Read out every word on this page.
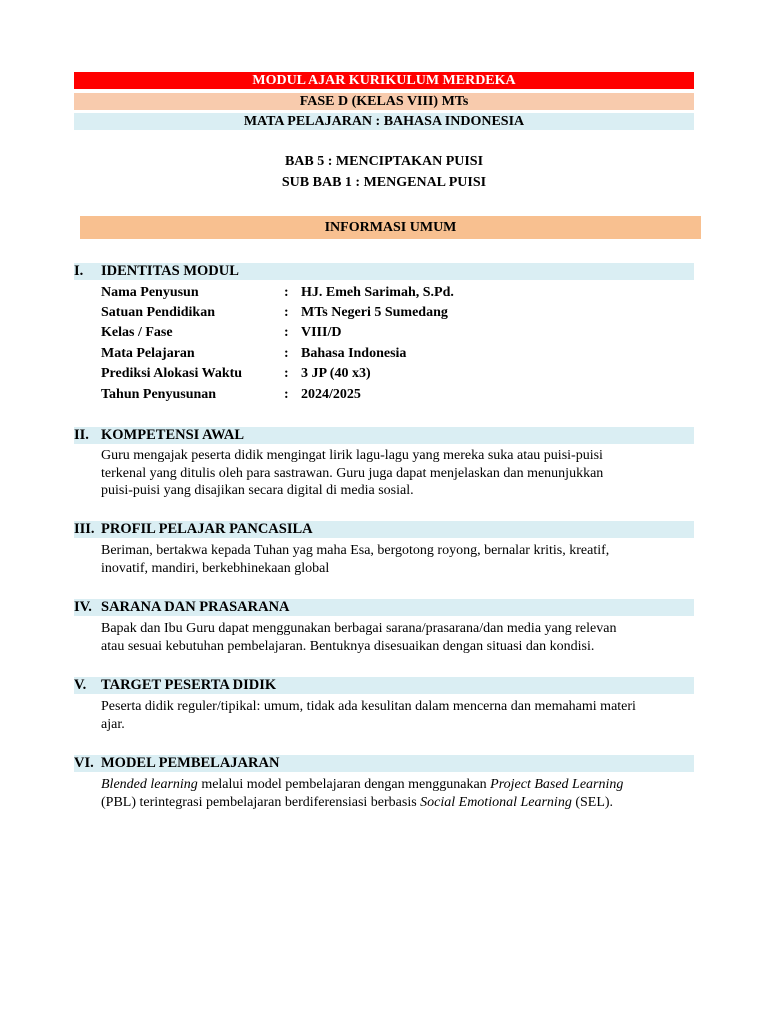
MODUL AJAR KURIKULUM MERDEKA
FASE D (KELAS VIII) MTs
MATA PELAJARAN : BAHASA INDONESIA
BAB 5 : MENCIPTAKAN PUISI
SUB BAB 1 : MENGENAL PUISI
INFORMASI UMUM
I. IDENTITAS MODUL
Nama Penyusun	: HJ. Emeh Sarimah, S.Pd.
Satuan Pendidikan	: MTs Negeri 5 Sumedang
Kelas / Fase	: VIII/D
Mata Pelajaran	: Bahasa Indonesia
Prediksi Alokasi Waktu	: 3 JP (40 x3)
Tahun Penyusunan	: 2024/2025
II. KOMPETENSI AWAL
Guru mengajak peserta didik mengingat lirik lagu-lagu yang mereka suka atau puisi-puisi
terkenal yang ditulis oleh para sastrawan. Guru juga dapat menjelaskan dan menunjukkan
puisi-puisi yang disajikan secara digital di media sosial.
III. PROFIL PELAJAR PANCASILA
Beriman, bertakwa kepada Tuhan yag maha Esa, bergotong royong, bernalar kritis, kreatif,
inovatif, mandiri, berkebhinekaan global
IV. SARANA DAN PRASARANA
Bapak dan Ibu Guru dapat menggunakan berbagai sarana/prasarana/dan media yang relevan
atau sesuai kebutuhan pembelajaran. Bentuknya disesuaikan dengan situasi dan kondisi.
V. TARGET PESERTA DIDIK
Peserta didik reguler/tipikal: umum, tidak ada kesulitan dalam mencerna dan memahami materi
ajar.
VI. MODEL PEMBELAJARAN
Blended learning melalui model pembelajaran dengan menggunakan Project Based Learning
(PBL) terintegrasi pembelajaran berdiferensiasi berbasis Social Emotional Learning (SEL).
